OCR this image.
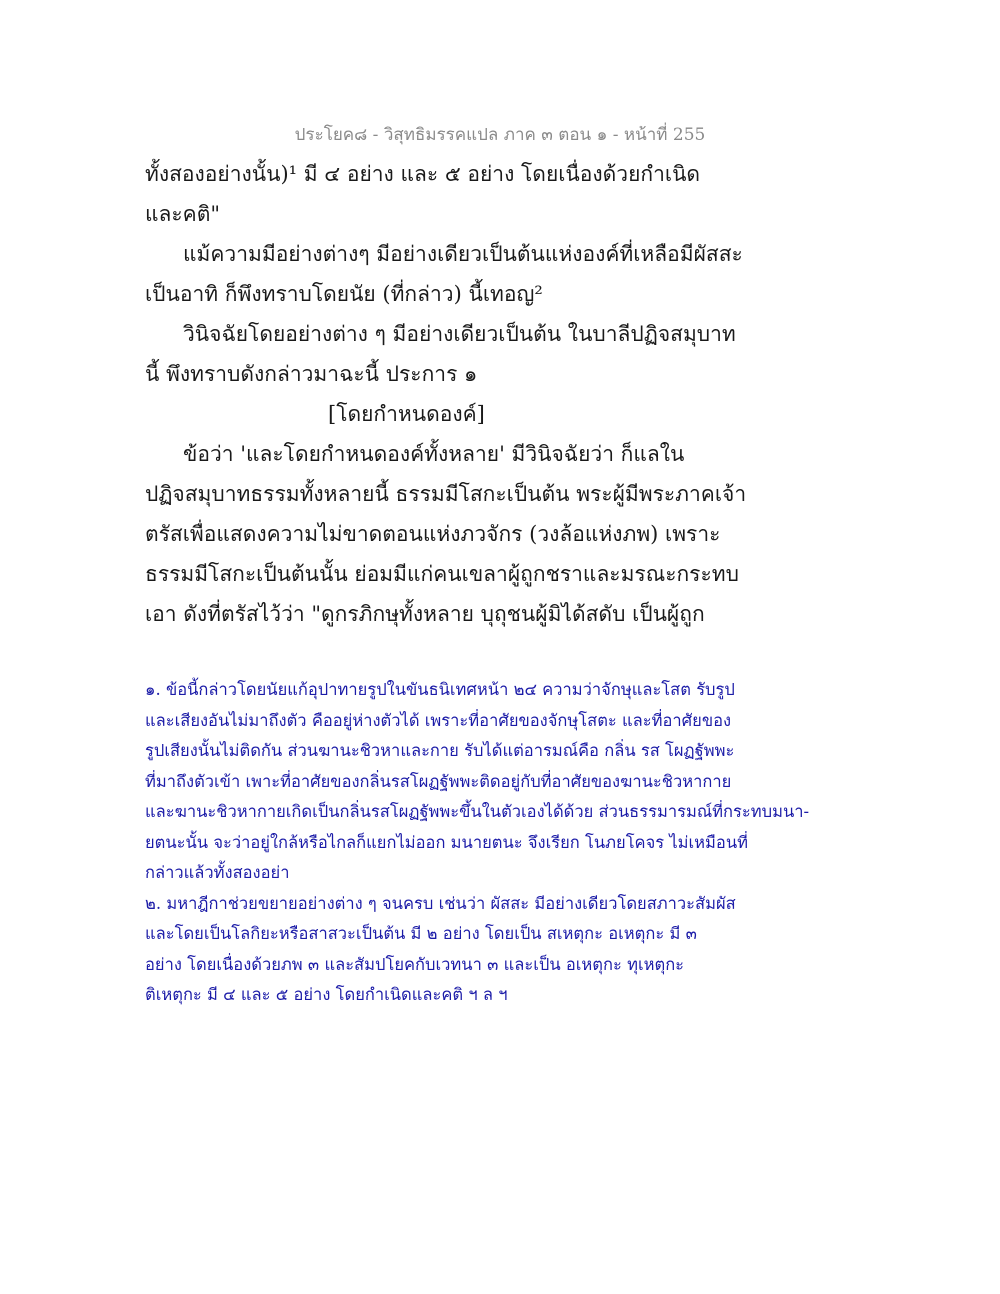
ประโยค๘ - วิสุทธิมรรคแปล ภาค ๓ ตอน ๑ - หน้าที่ 255
ทั้งสองอย่างนั้น)¹ มี ๔ อย่าง และ ๕ อย่าง โดยเนื่องด้วยกำเนิด
และคติ"
แม้ความมีอย่างต่างๆ มีอย่างเดียวเป็นต้นแห่งองค์ที่เหลือมีผัสสะ
เป็นอาทิ ก็พึงทราบโดยนัย (ที่กล่าว) นี้เทอญ²
วินิจฉัยโดยอย่างต่าง ๆ มีอย่างเดียวเป็นต้น ในบาลีปฏิจสมุบาท
นี้ พึงทราบดังกล่าวมาฉะนี้ ประการ ๑
[โดยกำหนดองค์]
ข้อว่า 'และโดยกำหนดองค์ทั้งหลาย' มีวินิจฉัยว่า ก็แลใน
ปฏิจสมุบาทธรรมทั้งหลายนี้ ธรรมมีโสกะเป็นต้น พระผู้มีพระภาคเจ้า
ตรัสเพื่อแสดงความไม่ขาดตอนแห่งภวจักร (วงล้อแห่งภพ) เพราะ
ธรรมมีโสกะเป็นต้นนั้น ย่อมมีแก่คนเขลาผู้ถูกชราและมรณะกระทบ
เอา ดังที่ตรัสไว้ว่า "ดูกรภิกษุทั้งหลาย บุถุชนผู้มิได้สดับ เป็นผู้ถูก
๑. ข้อนี้กล่าวโดยนัยแก้อุปาทายรูปในขันธนิเทศหน้า ๒๔ ความว่าจักษุและโสต รับรูป
และเสียงอันไม่มาถึงตัว คืออยู่ห่างตัวได้ เพราะที่อาศัยของจักษุโสตะ และที่อาศัยของ
รูปเสียงนั้นไม่ติดกัน ส่วนฆานะชิวหาและกาย รับได้แต่อารมณ์คือ กลิ่น รส โผฏฐัพพะ
ที่มาถึงตัวเข้า เพาะที่อาศัยของกลิ่นรสโผฏฐัพพะติดอยู่กับที่อาศัยของฆานะชิวหากาย
และฆานะชิวหากายเกิดเป็นกลิ่นรสโผฏฐัพพะขึ้นในตัวเองได้ด้วย ส่วนธรรมารมณ์ที่กระทบมนา-
ยตนะนั้น จะว่าอยู่ใกล้หรือไกลก็แยกไม่ออก มนายตนะ จึงเรียก โนภยโคจร ไม่เหมือนที่
กล่าวแล้วทั้งสองอย่า
๒. มหาฎีกาช่วยขยายอย่างต่าง ๆ จนครบ เช่นว่า ผัสสะ มีอย่างเดียวโดยสภาวะสัมผัส
และโดยเป็นโลกิยะหรือสาสวะเป็นต้น มี ๒ อย่าง โดยเป็น สเหตุกะ อเหตุกะ มี ๓
อย่าง โดยเนื่องด้วยภพ ๓ และสัมปโยคกับเวทนา ๓ และเป็น อเหตุกะ ทุเหตุกะ
ติเหตุกะ มี ๔ และ ๕ อย่าง โดยกำเนิดและคติ ฯ ล ฯ
